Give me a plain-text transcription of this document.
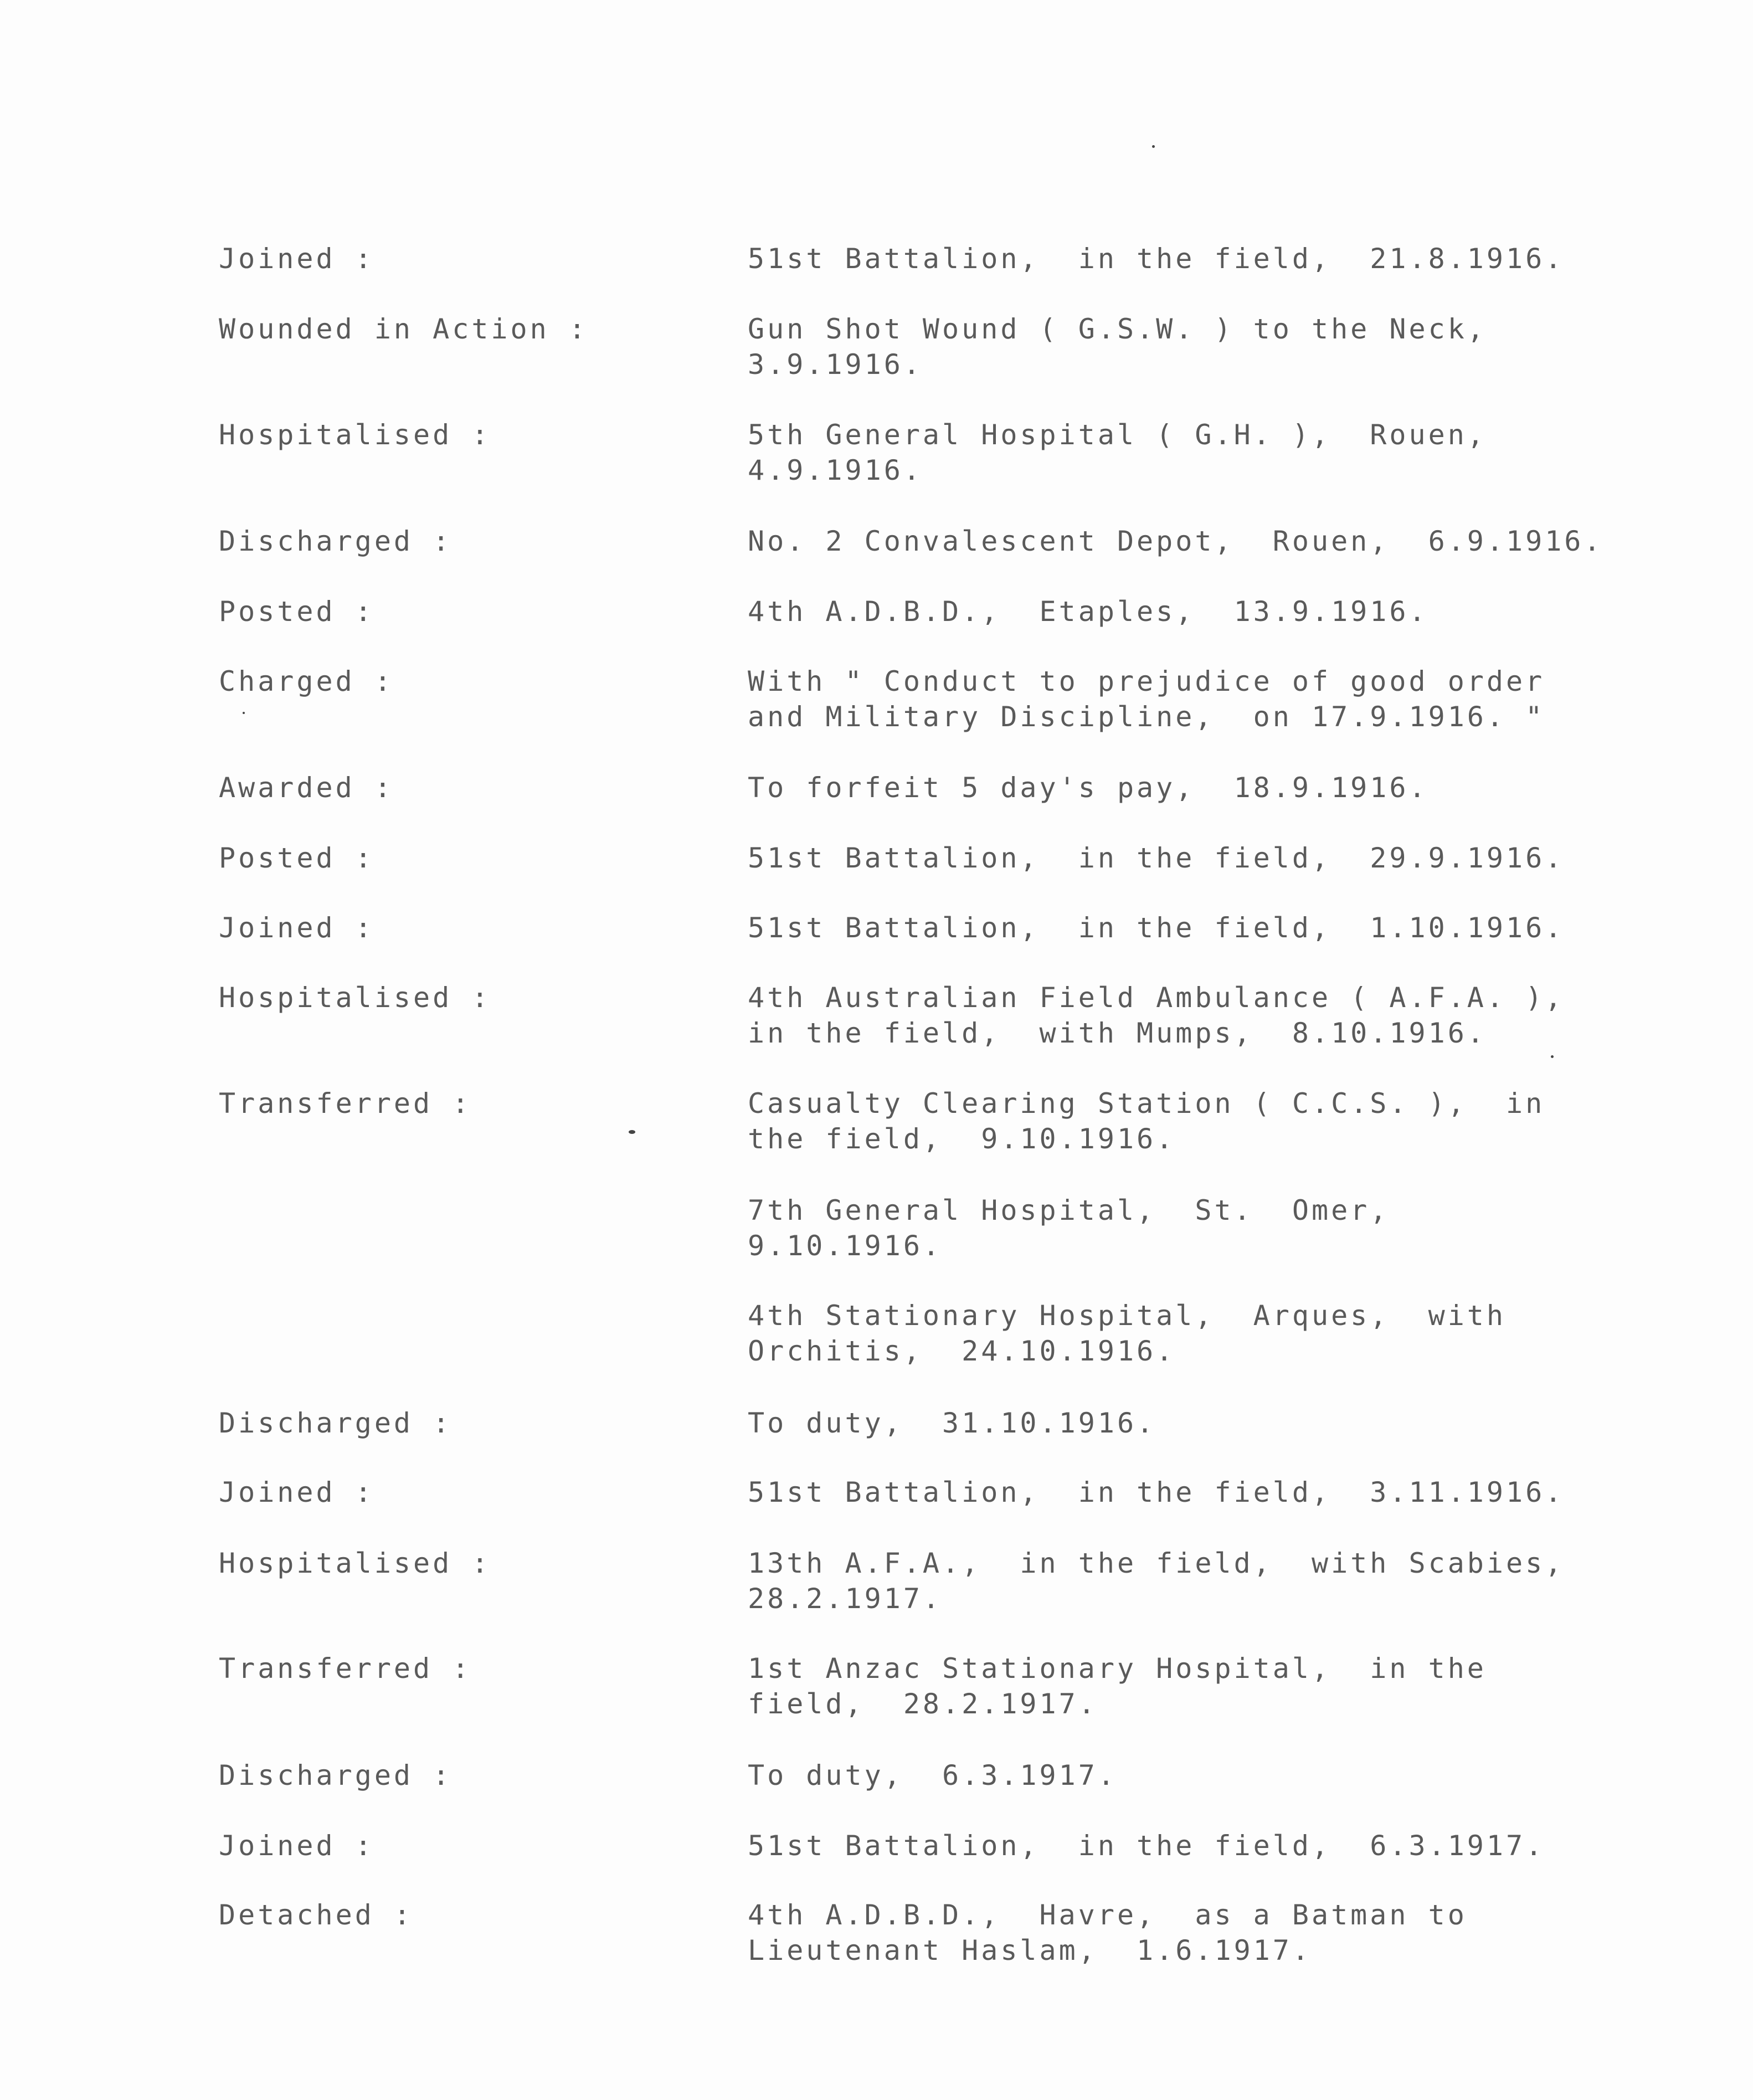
Joined :	51st Battalion,  in the field,  21.8.1916.
Wounded in Action :	Gun Shot Wound ( G.S.W. ) to the Neck,
3.9.1916.
Hospitalised :	5th General Hospital ( G.H. ),  Rouen,
4.9.1916.
Discharged :	No. 2 Convalescent Depot,  Rouen,  6.9.1916.
Posted :	4th A.D.B.D.,  Etaples,  13.9.1916.
Charged :	With " Conduct to prejudice of good order
and Military Discipline,  on 17.9.1916. "
Awarded :	To forfeit 5 day's pay,  18.9.1916.
Posted :	51st Battalion,  in the field,  29.9.1916.
Joined :	51st Battalion,  in the field,  1.10.1916.
Hospitalised :	4th Australian Field Ambulance ( A.F.A. ),
in the field,  with Mumps,  8.10.1916.
Transferred :	Casualty Clearing Station ( C.C.S. ),  in
the field,  9.10.1916.
7th General Hospital,  St.  Omer,
9.10.1916.
4th Stationary Hospital,  Arques,  with
Orchitis,  24.10.1916.
Discharged :	To duty,  31.10.1916.
Joined :	51st Battalion,  in the field,  3.11.1916.
Hospitalised :	13th A.F.A.,  in the field,  with Scabies,
28.2.1917.
Transferred :	1st Anzac Stationary Hospital,  in the
field,  28.2.1917.
Discharged :	To duty,  6.3.1917.
Joined :	51st Battalion,  in the field,  6.3.1917.
Detached :	4th A.D.B.D.,  Havre,  as a Batman to
Lieutenant Haslam,  1.6.1917.
